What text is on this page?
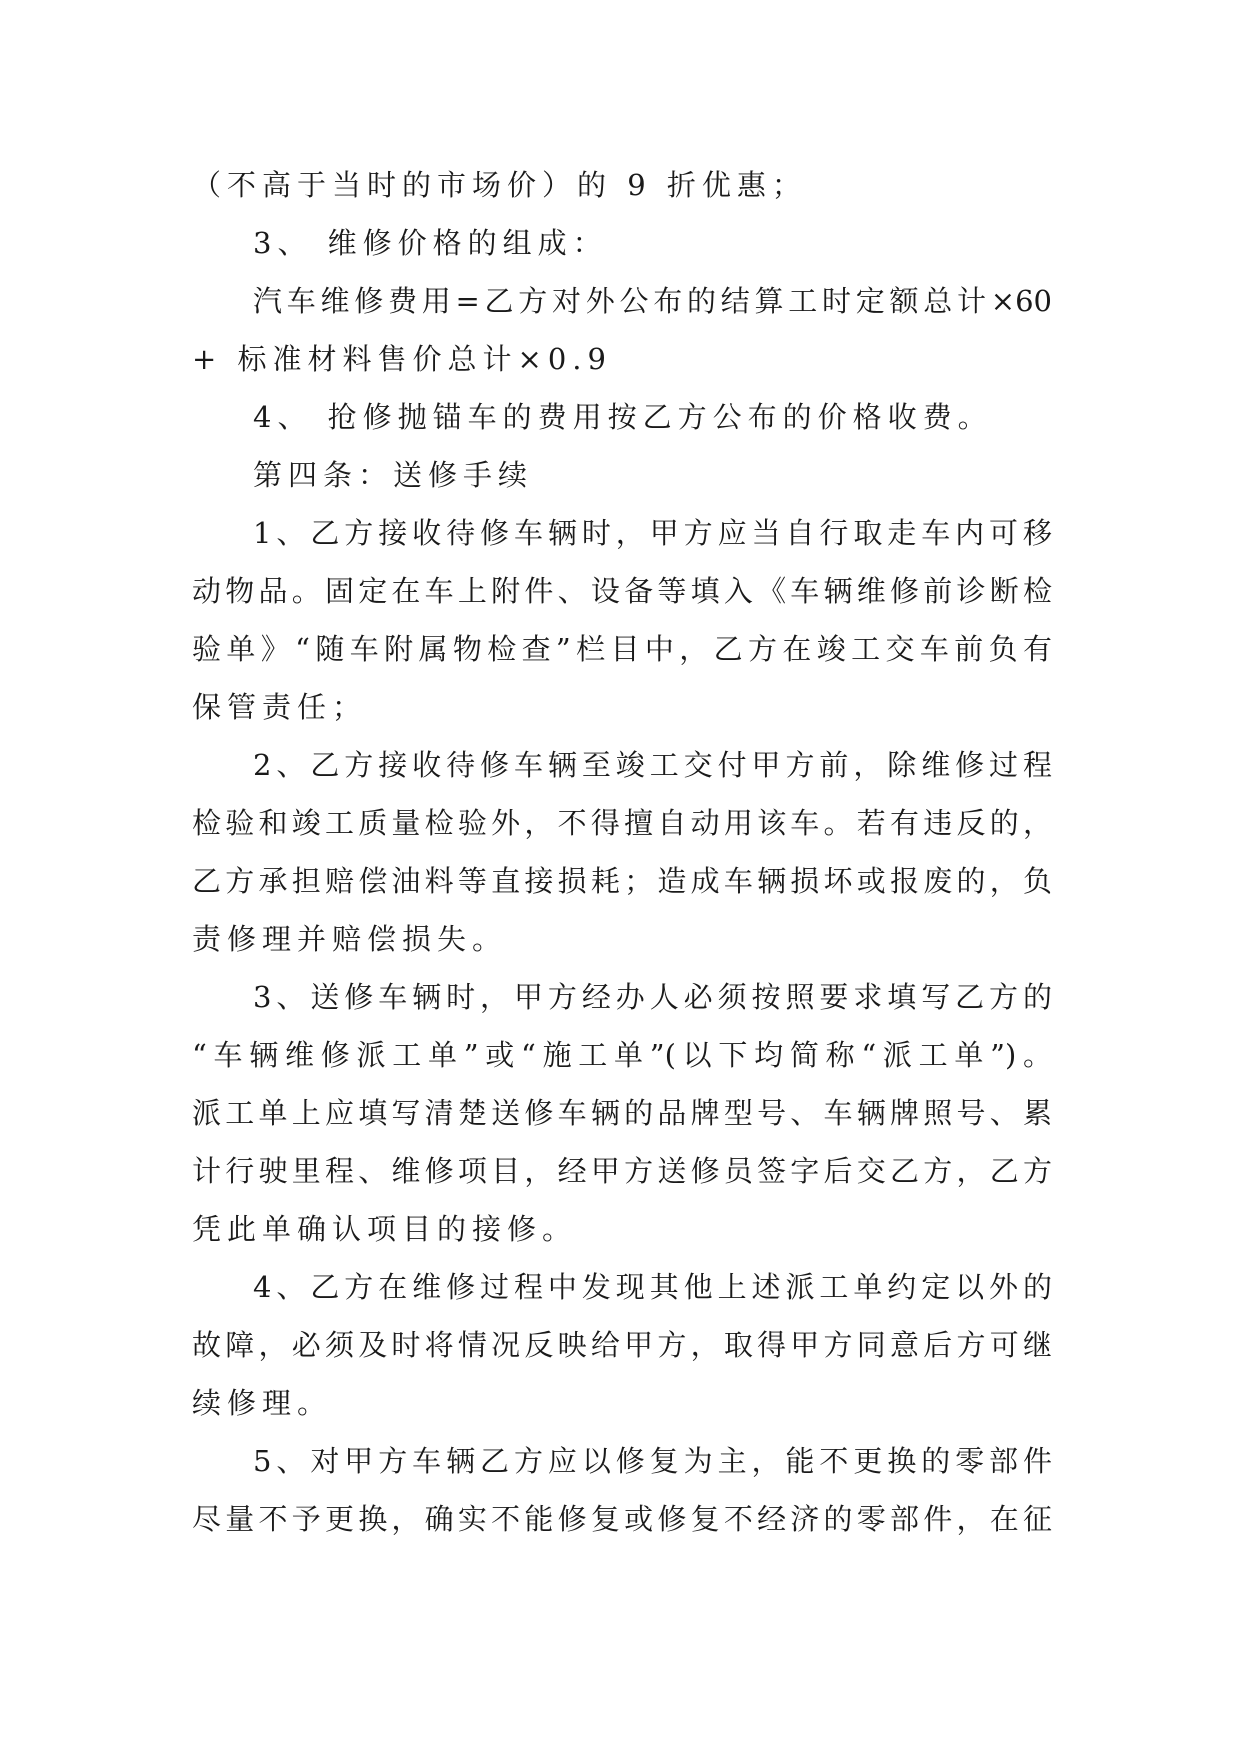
（不高于当时的市场价）的 9 折优惠；
3、 维修价格的组成：
汽车维修费用=乙方对外公布的结算工时定额总计×60
+ 标准材料售价总计×0.9
4、 抢修抛锚车的费用按乙方公布的价格收费。
第四条：送修手续
1、乙方接收待修车辆时，甲方应当自行取走车内可移
动物品。固定在车上附件、设备等填入《车辆维修前诊断检
验单》“随车附属物检查”栏目中，乙方在竣工交车前负有
保管责任；
2、乙方接收待修车辆至竣工交付甲方前，除维修过程
检验和竣工质量检验外，不得擅自动用该车。若有违反的，
乙方承担赔偿油料等直接损耗；造成车辆损坏或报废的，负
责修理并赔偿损失。
3、送修车辆时，甲方经办人必须按照要求填写乙方的
“车辆维修派工单”或“施工单”(以下均简称“派工单”)。
派工单上应填写清楚送修车辆的品牌型号、车辆牌照号、累
计行驶里程、维修项目，经甲方送修员签字后交乙方，乙方
凭此单确认项目的接修。
4、乙方在维修过程中发现其他上述派工单约定以外的
故障，必须及时将情况反映给甲方，取得甲方同意后方可继
续修理。
5、对甲方车辆乙方应以修复为主，能不更换的零部件
尽量不予更换，确实不能修复或修复不经济的零部件，在征
